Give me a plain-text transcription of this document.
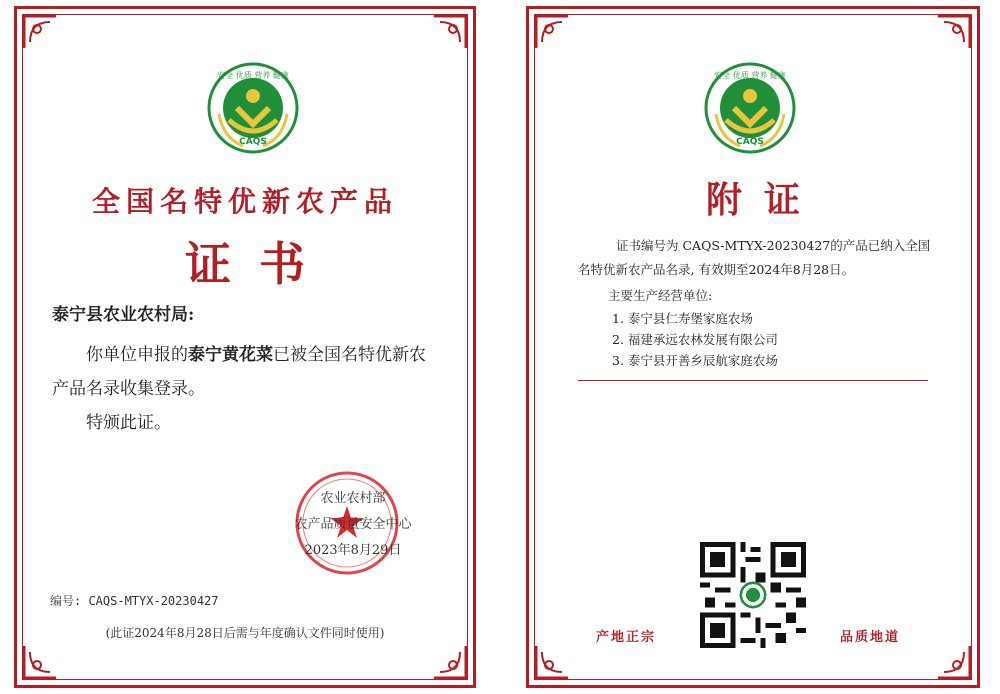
安全 优质 营养 健康
CAQS
全国名特优新农产品
证书
泰宁县农业农村局:
你单位申报的泰宁黄花菜已被全国名特优新农产品名录收集登录。
特颁此证。
农业农村部
农产品质量安全中心
2023年8月29日
编号: CAQS-MTYX-20230427
(此证2024年8月28日后需与年度确认文件同时使用)
安全 优质 营养 健康
CAQS
附证
证书编号为 CAQS-MTYX-20230427的产品已纳入全国名特优新农产品名录, 有效期至2024年8月28日。
主要生产经营单位:
1. 泰宁县仁寿堡家庭农场
2. 福建承远农林发展有限公司
3. 泰宁县开善乡辰航家庭农场
产地正宗	品质地道
